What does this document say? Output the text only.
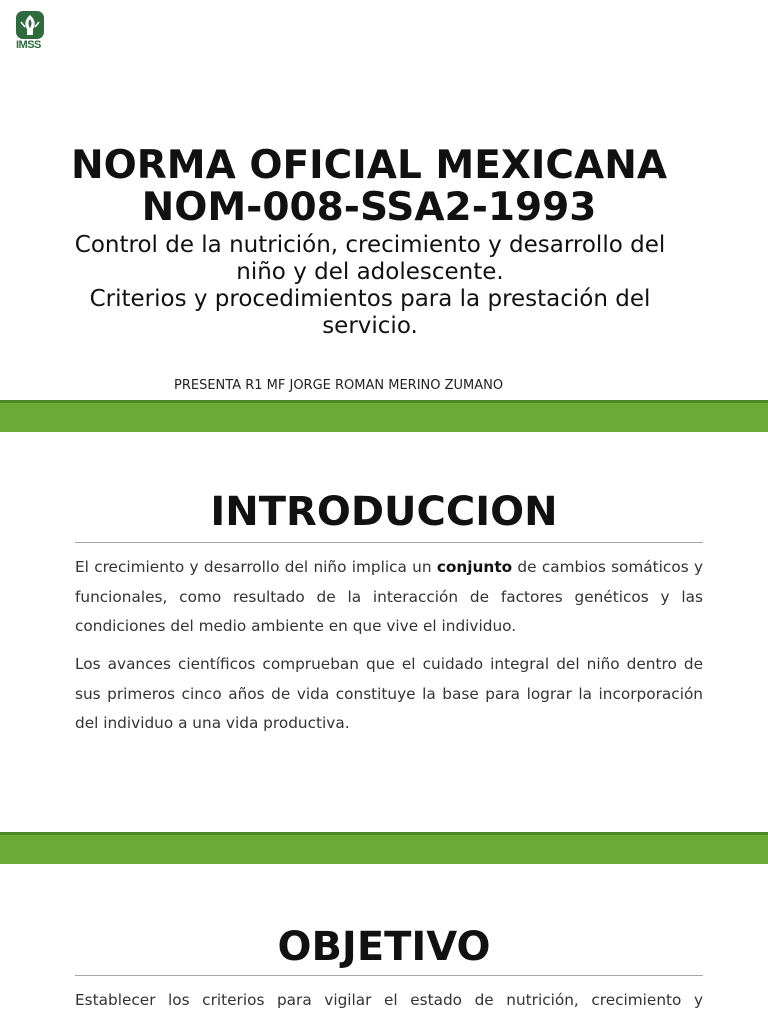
IMSS
NORMA OFICIAL MEXICANA
NOM-008-SSA2-1993
Control de la nutrición, crecimiento y desarrollo del niño y del adolescente.
Criterios y procedimientos para la prestación del servicio.
PRESENTA R1 MF JORGE ROMAN MERINO ZUMANO
INTRODUCCION
El crecimiento y desarrollo del niño implica un conjunto de cambios somáticos y funcionales, como resultado de la interacción de factores genéticos y las condiciones del medio ambiente en que vive el individuo.
Los avances científicos comprueban que el cuidado integral del niño dentro de sus primeros cinco años de vida constituye la base para lograr la incorporación del individuo a una vida productiva.
OBJETIVO
Establecer los criterios para vigilar el estado de nutrición, crecimiento y
